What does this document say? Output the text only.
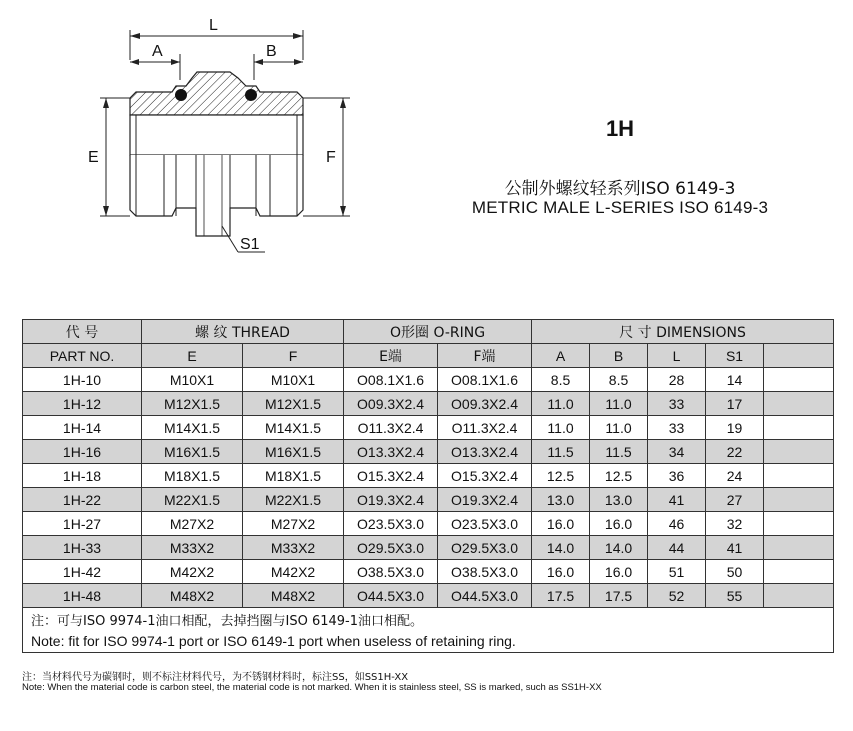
L
A	B
E	F
S1
1H
公制外螺纹轻系列ISO 6149-3
METRIC MALE L-SERIES ISO 6149-3
代 号	螺 纹 THREAD		O形圈 O-RING		尺 寸 DIMENSIONS				
PART NO.	E	F	E端	F端	A	B	L	S1	
1H-10	M10X1	M10X1	O08.1X1.6	O08.1X1.6	8.5	8.5	28	14	
1H-12	M12X1.5	M12X1.5	O09.3X2.4	O09.3X2.4	11.0	11.0	33	17	
1H-14	M14X1.5	M14X1.5	O11.3X2.4	O11.3X2.4	11.0	11.0	33	19	
1H-16	M16X1.5	M16X1.5	O13.3X2.4	O13.3X2.4	11.5	11.5	34	22	
1H-18	M18X1.5	M18X1.5	O15.3X2.4	O15.3X2.4	12.5	12.5	36	24	
1H-22	M22X1.5	M22X1.5	O19.3X2.4	O19.3X2.4	13.0	13.0	41	27	
1H-27	M27X2	M27X2	O23.5X3.0	O23.5X3.0	16.0	16.0	46	32	
1H-33	M33X2	M33X2	O29.5X3.0	O29.5X3.0	14.0	14.0	44	41	
1H-42	M42X2	M42X2	O38.5X3.0	O38.5X3.0	16.0	16.0	51	50	
1H-48	M48X2	M48X2	O44.5X3.0	O44.5X3.0	17.5	17.5	52	55	
注：可与ISO 9974-1油口相配，去掉挡圈与ISO 6149-1油口相配。									
Note: fit for ISO 9974-1 port or ISO 6149-1 port when useless of retaining ring.									
注：当材料代号为碳钢时，则不标注材料代号，为不锈钢材料时，标注SS，如SS1H-XX
Note: When the material code is carbon steel, the material code is not marked. When it is stainless steel, SS is marked, such as SS1H-XX
